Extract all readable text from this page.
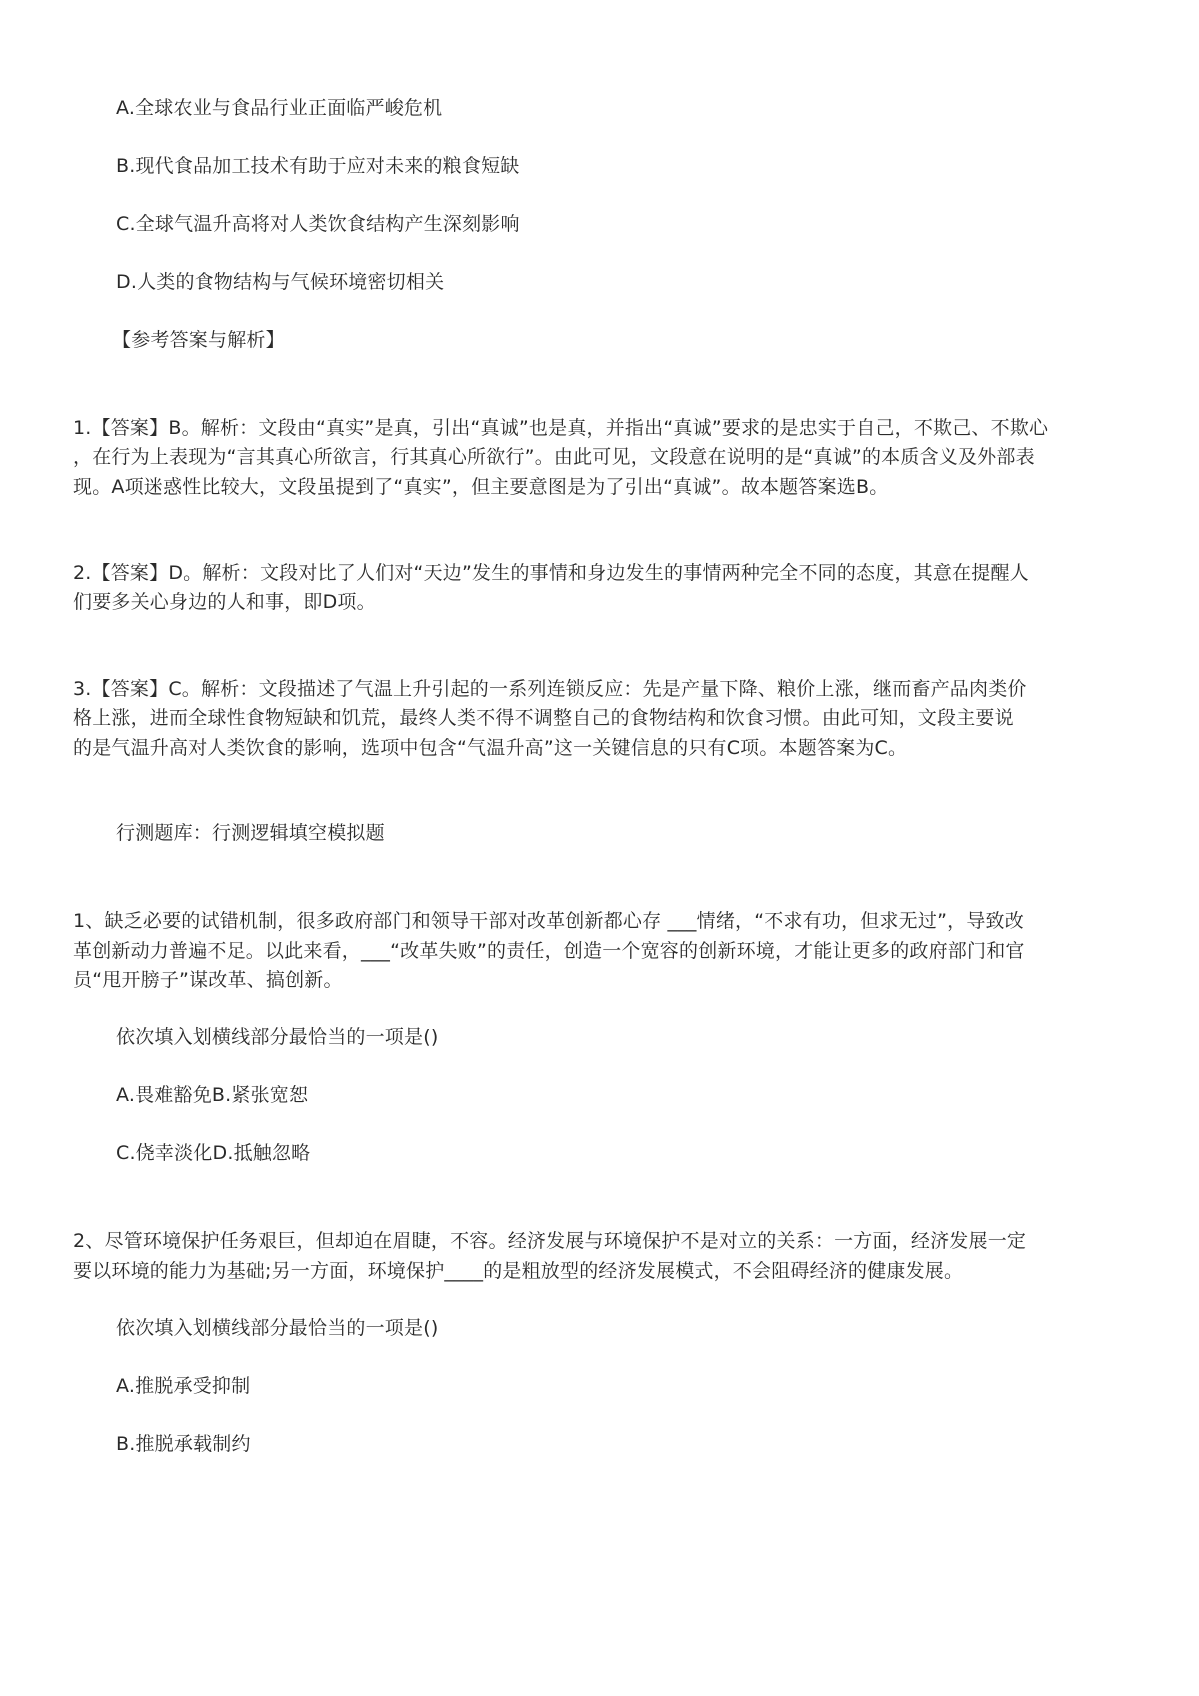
A.全球农业与食品行业正面临严峻危机
B.现代食品加工技术有助于应对未来的粮食短缺
C.全球气温升高将对人类饮食结构产生深刻影响
D.人类的食物结构与气候环境密切相关
【参考答案与解析】
1.【答案】B。解析：文段由“真实”是真，引出“真诚”也是真，并指出“真诚”要求的是忠实于自己，不欺己、不欺心
，在行为上表现为“言其真心所欲言，行其真心所欲行”。由此可见，文段意在说明的是“真诚”的本质含义及外部表
现。A项迷惑性比较大，文段虽提到了“真实”，但主要意图是为了引出“真诚”。故本题答案选B。
2.【答案】D。解析：文段对比了人们对“天边”发生的事情和身边发生的事情两种完全不同的态度，其意在提醒人
们要多关心身边的人和事，即D项。
3.【答案】C。解析：文段描述了气温上升引起的一系列连锁反应：先是产量下降、粮价上涨，继而畜产品肉类价
格上涨，进而全球性食物短缺和饥荒，最终人类不得不调整自己的食物结构和饮食习惯。由此可知，文段主要说
的是气温升高对人类饮食的影响，选项中包含“气温升高”这一关键信息的只有C项。本题答案为C。
行测题库：行测逻辑填空模拟题
1、缺乏必要的试错机制，很多政府部门和领导干部对改革创新都心存 ___情绪，“不求有功，但求无过”，导致改
革创新动力普遍不足。以此来看，___“改革失败”的责任，创造一个宽容的创新环境，才能让更多的政府部门和官
员“甩开膀子”谋改革、搞创新。
依次填入划横线部分最恰当的一项是()
A.畏难豁免B.紧张宽恕
C.侥幸淡化D.抵触忽略
2、尽管环境保护任务艰巨，但却迫在眉睫，不容。经济发展与环境保护不是对立的关系：一方面，经济发展一定
要以环境的能力为基础;另一方面，环境保护____的是粗放型的经济发展模式，不会阻碍经济的健康发展。
依次填入划横线部分最恰当的一项是()
A.推脱承受抑制
B.推脱承载制约
